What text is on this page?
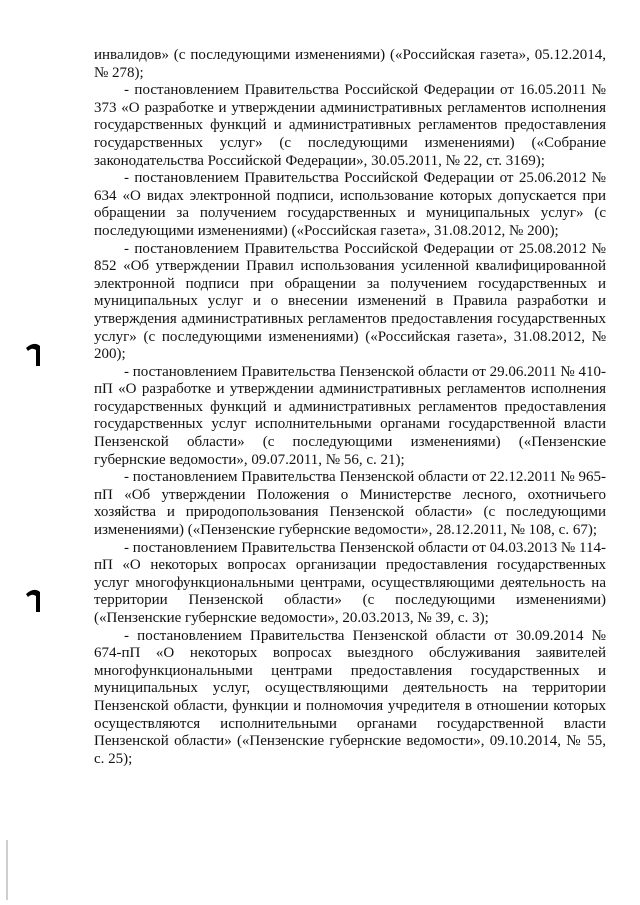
инвалидов» (с последующими изменениями) («Российская газета», 05.12.2014, № 278);

- постановлением Правительства Российской Федерации от 16.05.2011 № 373 «О разработке и утверждении административных регламентов исполнения государственных функций и административных регламентов предоставления государственных услуг» (с последующими изменениями) («Собрание законодательства Российской Федерации», 30.05.2011, № 22, ст. 3169);

- постановлением Правительства Российской Федерации от 25.06.2012 № 634 «О видах электронной подписи, использование которых допускается при обращении за получением государственных и муниципальных услуг» (с последующими изменениями) («Российская газета», 31.08.2012, № 200);

- постановлением Правительства Российской Федерации от 25.08.2012 № 852 «Об утверждении Правил использования усиленной квалифицированной электронной подписи при обращении за получением государственных и муниципальных услуг и о внесении изменений в Правила разработки и утверждения административных регламентов предоставления государственных услуг» (с последующими изменениями) («Российская газета», 31.08.2012, № 200);

- постановлением Правительства Пензенской области от 29.06.2011 № 410-пП «О разработке и утверждении административных регламентов исполнения государственных функций и административных регламентов предоставления государственных услуг исполнительными органами государственной власти Пензенской области» (с последующими изменениями) («Пензенские губернские ведомости», 09.07.2011, № 56, с. 21);

- постановлением Правительства Пензенской области от 22.12.2011 № 965-пП «Об утверждении Положения о Министерстве лесного, охотничьего хозяйства и природопользования Пензенской области» (с последующими изменениями) («Пензенские губернские ведомости», 28.12.2011, № 108, с. 67);

- постановлением Правительства Пензенской области от 04.03.2013 № 114-пП «О некоторых вопросах организации предоставления государственных услуг многофункциональными центрами, осуществляющими деятельность на территории Пензенской области» (с последующими изменениями) («Пензенские губернские ведомости», 20.03.2013, № 39, с. 3);

- постановлением Правительства Пензенской области от 30.09.2014 № 674-пП «О некоторых вопросах выездного обслуживания заявителей многофункциональными центрами предоставления государственных и муниципальных услуг, осуществляющими деятельность на территории Пензенской области, функции и полномочия учредителя в отношении которых осуществляются исполнительными органами государственной власти Пензенской области» («Пензенские губернские ведомости», 09.10.2014, № 55, с. 25);
